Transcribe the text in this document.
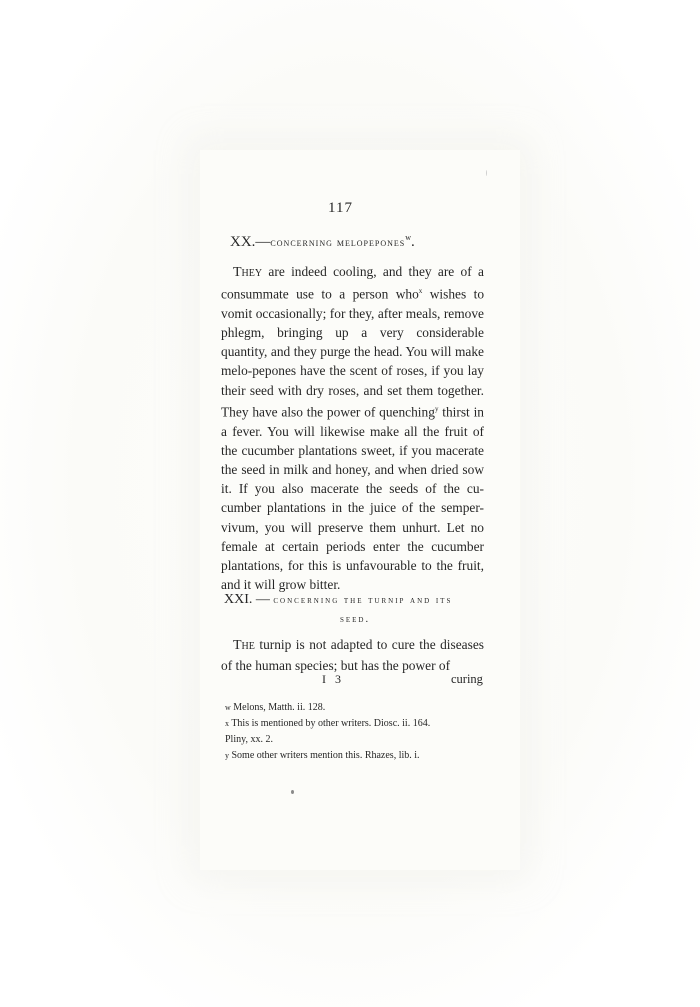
117
XX.—concerning melopepones$^w$.

They are indeed cooling, and they are of a consummate use to a person who$^x$ wishes to vomit occasionally; for they, after meals, remove phlegm, bringing up a very considerable quantity, and they purge the head. You will make melo-pepones have the scent of roses, if you lay their seed with dry roses, and set them together. They have also the power of quenching$^y$ thirst in a fever. You will likewise make all the fruit of the cucumber plantations sweet, if you macerate the seed in milk and honey, and when dried sow it. If you also macerate the seeds of the cu-cumber plantations in the juice of the semper-vivum, you will preserve them unhurt. Let no female at certain periods enter the cucumber plantations, for this is unfavourable to the fruit, and it will grow bitter.

XXI. — concerning the turnip and its
seed.

The turnip is not adapted to cure the diseases of the human species; but has the power of

I 3	curing
w Melons, Matth. ii. 128.
x This is mentioned by other writers. Diosc. ii. 164.
Pliny, xx. 2.
y Some other writers mention this. Rhazes, lib. i.
